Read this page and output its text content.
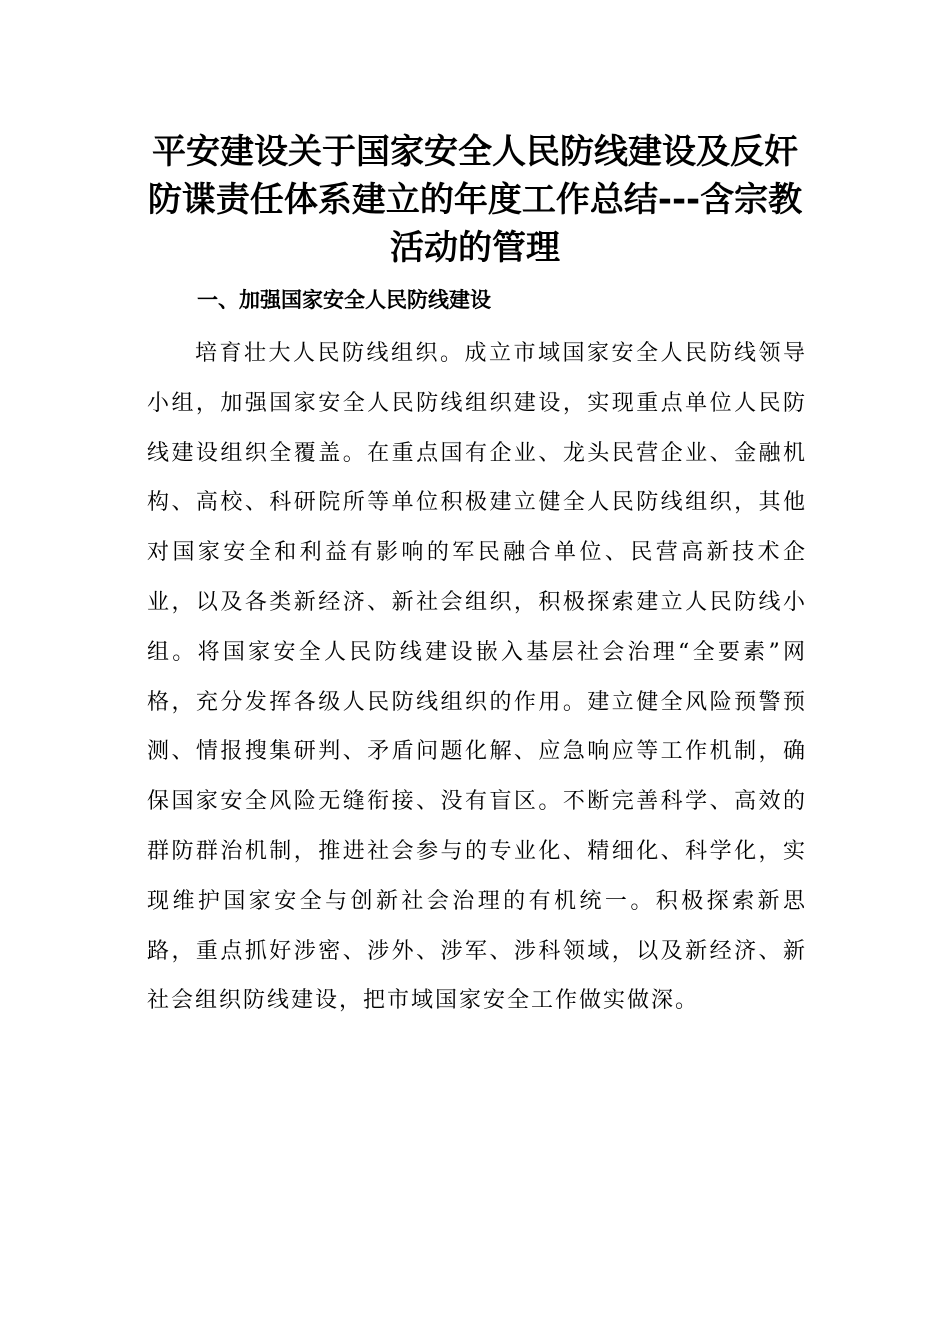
平安建设关于国家安全人民防线建设及反奸防谍责任体系建立的年度工作总结---含宗教活动的管理
一、加强国家安全人民防线建设

培育壮大人民防线组织。成立市域国家安全人民防线领导小组，加强国家安全人民防线组织建设，实现重点单位人民防线建设组织全覆盖。在重点国有企业、龙头民营企业、金融机构、高校、科研院所等单位积极建立健全人民防线组织，其他对国家安全和利益有影响的军民融合单位、民营高新技术企业，以及各类新经济、新社会组织，积极探索建立人民防线小组。将国家安全人民防线建设嵌入基层社会治理“全要素”网格，充分发挥各级人民防线组织的作用。建立健全风险预警预测、情报搜集研判、矛盾问题化解、应急响应等工作机制，确保国家安全风险无缝衔接、没有盲区。不断完善科学、高效的群防群治机制，推进社会参与的专业化、精细化、科学化，实现维护国家安全与创新社会治理的有机统一。积极探索新思路，重点抓好涉密、涉外、涉军、涉科领域，以及新经济、新社会组织防线建设，把市域国家安全工作做实做深。
